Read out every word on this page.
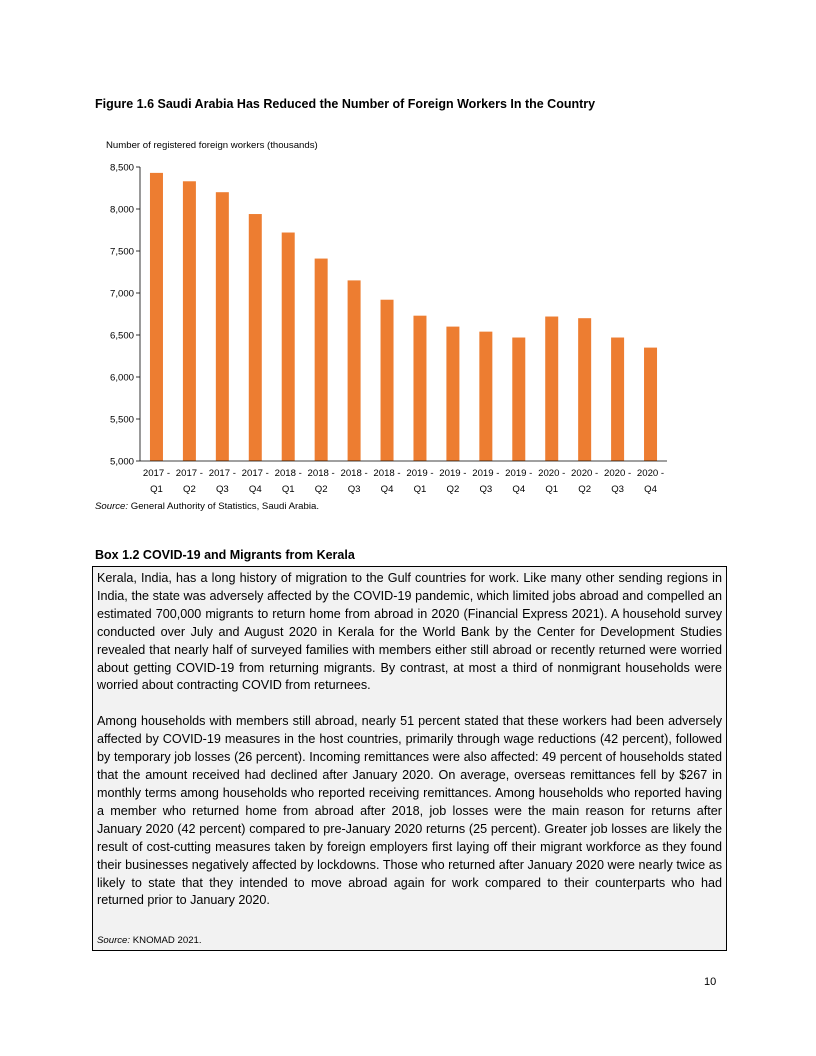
Figure 1.6 Saudi Arabia Has Reduced the Number of Foreign Workers In the Country
Number of registered foreign workers (thousands)
5,000
5,500
6,000
6,500
7,000
7,500
8,000
8,500
2017 -
Q1
2017 -
Q2
2017 -
Q3
2017 -
Q4
2018 -
Q1
2018 -
Q2
2018 -
Q3
2018 -
Q4
2019 -
Q1
2019 -
Q2
2019 -
Q3
2019 -
Q4
2020 -
Q1
2020 -
Q2
2020 -
Q3
2020 -
Q4
Source: General Authority of Statistics, Saudi Arabia.
Box 1.2 COVID-19 and Migrants from Kerala

Kerala, India, has a long history of migration to the Gulf countries for work. Like many other sending regions in India, the state was adversely affected by the COVID-19 pandemic, which limited jobs abroad and compelled an estimated 700,000 migrants to return home from abroad in 2020 (Financial Express 2021). A household survey conducted over July and August 2020 in Kerala for the World Bank by the Center for Development Studies revealed that nearly half of surveyed families with members either still abroad or recently returned were worried about getting COVID-19 from returning migrants. By contrast, at most a third of nonmigrant households were worried about contracting COVID from returnees.

Among households with members still abroad, nearly 51 percent stated that these workers had been adversely affected by COVID-19 measures in the host countries, primarily through wage reductions (42 percent), followed by temporary job losses (26 percent). Incoming remittances were also affected: 49 percent of households stated that the amount received had declined after January 2020. On average, overseas remittances fell by $267 in monthly terms among households who reported receiving remittances. Among households who reported having a member who returned home from abroad after 2018, job losses were the main reason for returns after January 2020 (42 percent) compared to pre-January 2020 returns (25 percent). Greater job losses are likely the result of cost-cutting measures taken by foreign employers first laying off their migrant workforce as they found their businesses negatively affected by lockdowns. Those who returned after January 2020 were nearly twice as likely to state that they intended to move abroad again for work compared to their counterparts who had returned prior to January 2020.

Source: KNOMAD 2021.
10
